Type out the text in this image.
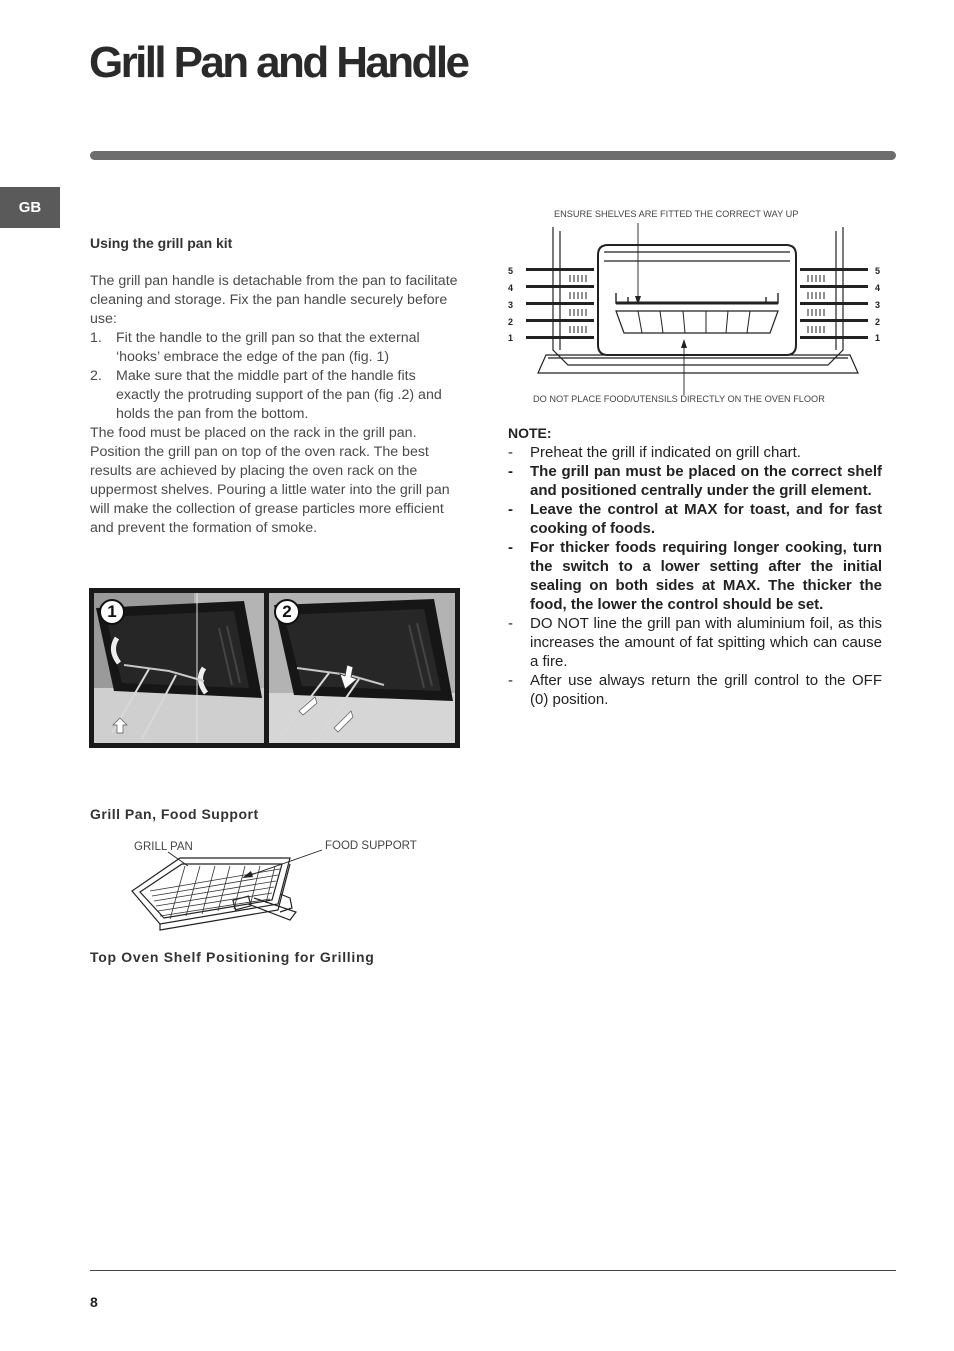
Grill Pan and Handle
GB
Using the grill pan kit

The grill pan handle is detachable from the pan to facilitate cleaning and storage. Fix the pan handle securely before use:

1. Fit the handle to the grill pan so that the external ‘hooks’ embrace the edge of the pan (fig. 1)
2. Make sure that the middle part of the handle fits exactly the protruding support of the pan (fig .2) and holds the pan from the bottom.

The food must be placed on the rack in the grill pan. Position the grill pan on top of the oven rack. The best results are achieved by placing the oven rack on the uppermost shelves. Pouring a little water into the grill pan will make the collection of grease particles more efficient and prevent the formation of smoke.

1	2
ENSURE SHELVES ARE FITTED THE CORRECT WAY UP
DO NOT PLACE FOOD/UTENSILS DIRECTLY ON THE OVEN FLOOR
5
4
3
2
1
5
4
3
2
1
NOTE:
-	Preheat the grill if indicated on grill chart.
-	The grill pan must be placed on the correct shelf and positioned centrally under the grill element.
-	Leave the control at MAX for toast, and for fast cooking of foods.
-	For thicker foods requiring longer cooking, turn the switch to a lower setting after the initial sealing on both sides at MAX. The thicker the food, the lower the control should be set.
-	DO NOT line the grill pan with aluminium foil, as this increases the amount of fat spitting which can cause a fire.
-	After use always return the grill control to the OFF (0) position.
Grill Pan, Food Support
GRILL PAN	FOOD SUPPORT
Top Oven Shelf Positioning for Grilling
8
